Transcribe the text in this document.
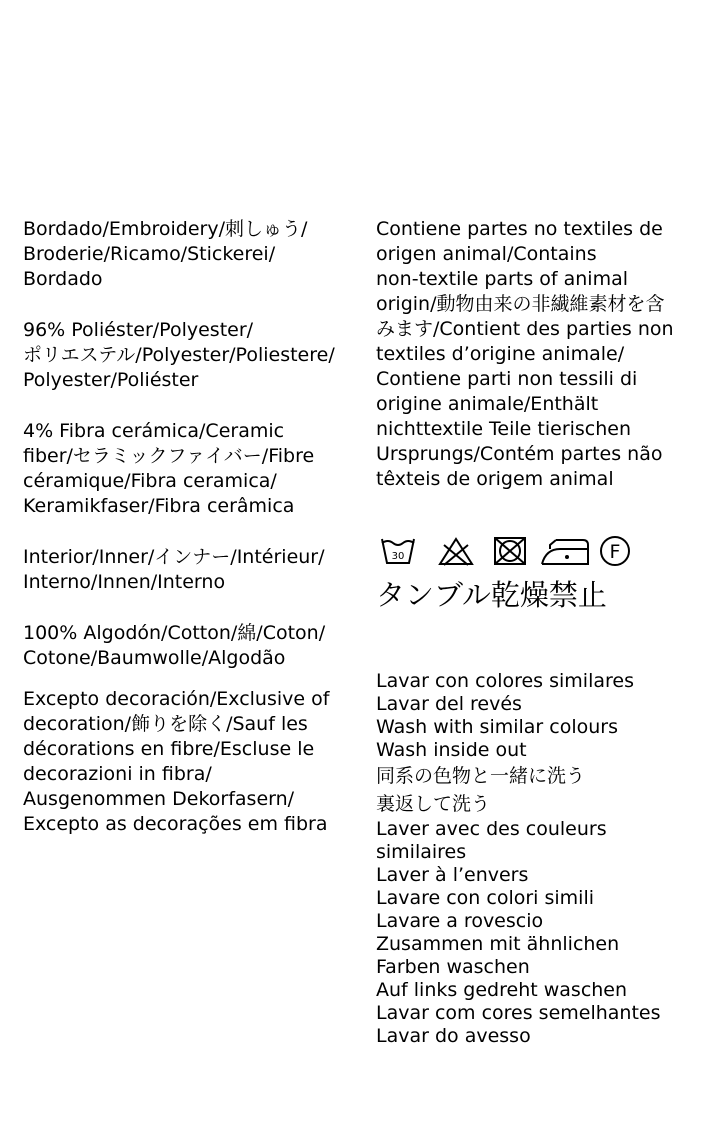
Bordado/Embroidery/刺しゅう/
Broderie/Ricamo/Stickerei/
Bordado

96% Poliéster/Polyester/
ポリエステル/Polyester/Poliestere/
Polyester/Poliéster

4% Fibra cerámica/Ceramic
fiber/セラミックファイバー/Fibre
céramique/Fibra ceramica/
Keramikfaser/Fibra cerâmica

Interior/Inner/インナー/Intérieur/
Interno/Innen/Interno

100% Algodón/Cotton/綿/Coton/
Cotone/Baumwolle/Algodão

Excepto decoración/Exclusive of
decoration/飾りを除く/Sauf les
décorations en fibre/Escluse le
decorazioni in fibra/
Ausgenommen Dekorfasern/
Excepto as decorações em fibra

Contiene partes no textiles de
origen animal/Contains
non-textile parts of animal
origin/動物由来の非繊維素材を含
みます/Contient des parties non
textiles d’origine animale/
Contiene parti non tessili di
origine animale/Enthält
nichttextile Teile tierischen
Ursprungs/Contém partes não
têxteis de origem animal

30	F
タンブル乾燥禁止
Lavar con colores similares
Lavar del revés
Wash with similar colours
Wash inside out
同系の色物と一緒に洗う
裏返して洗う
Laver avec des couleurs
similaires
Laver à l’envers
Lavare con colori simili
Lavare a rovescio
Zusammen mit ähnlichen
Farben waschen
Auf links gedreht waschen
Lavar com cores semelhantes
Lavar do avesso
